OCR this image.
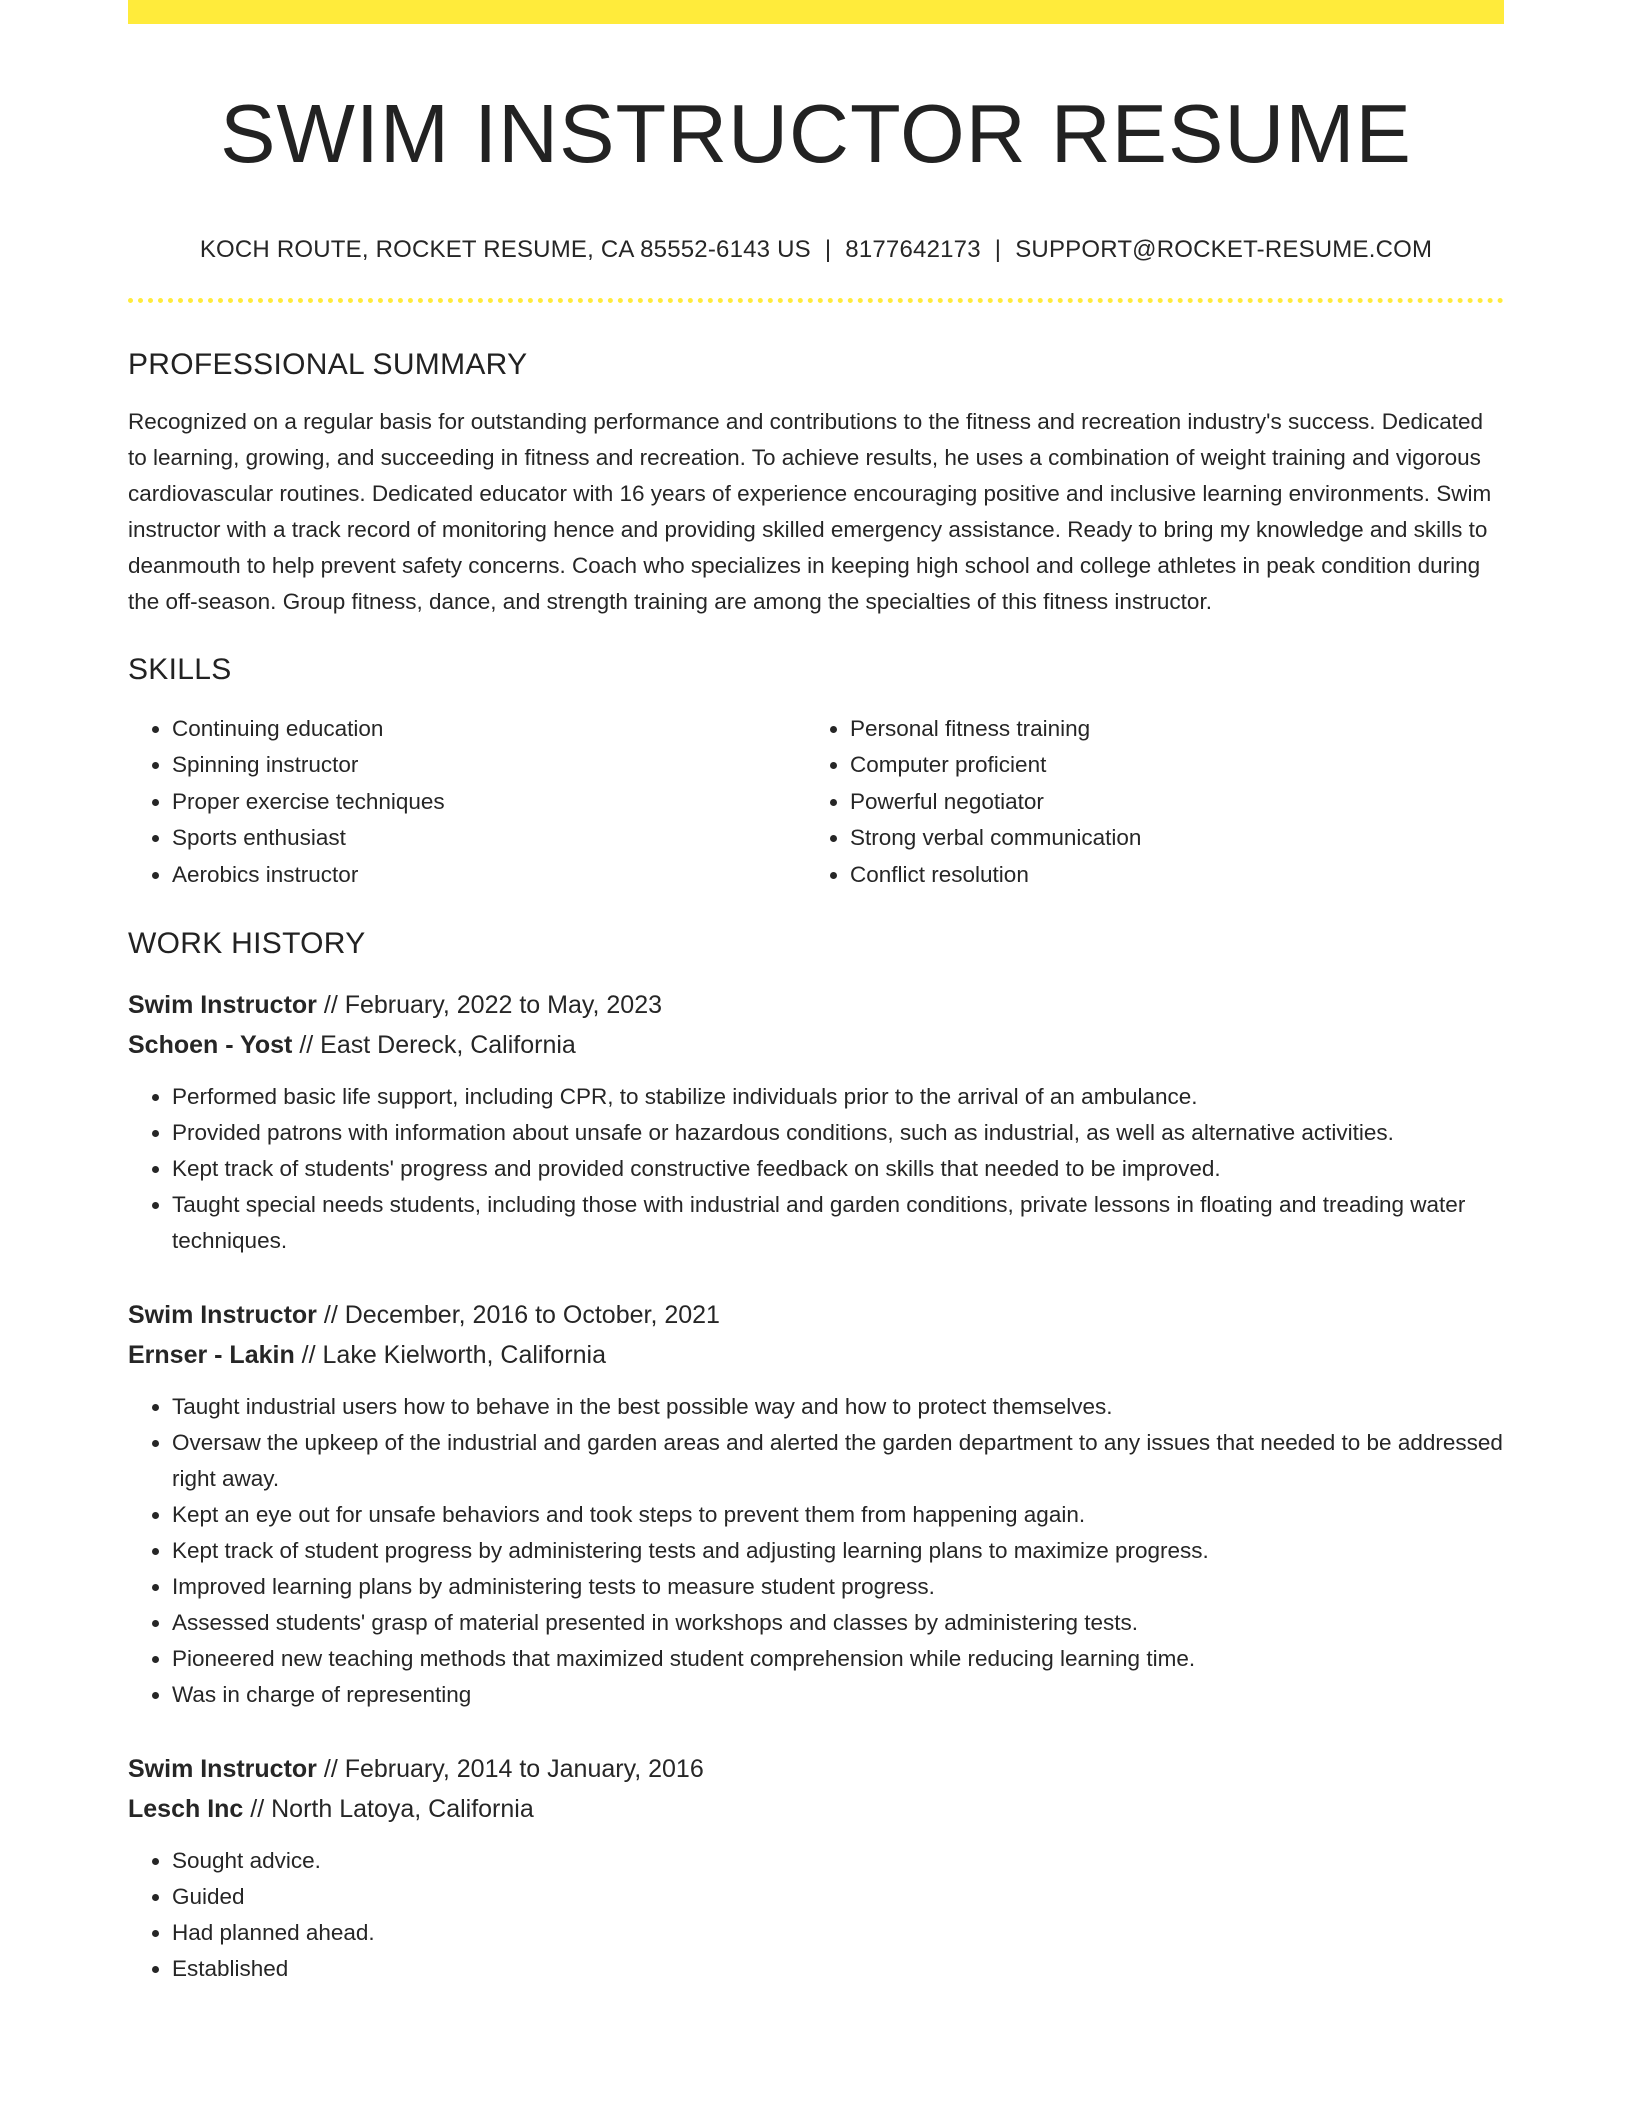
SWIM INSTRUCTOR RESUME
KOCH ROUTE, ROCKET RESUME, CA 85552-6143 US | 8177642173 | SUPPORT@ROCKET-RESUME.COM
PROFESSIONAL SUMMARY
Recognized on a regular basis for outstanding performance and contributions to the fitness and recreation industry's success. Dedicated to learning, growing, and succeeding in fitness and recreation. To achieve results, he uses a combination of weight training and vigorous cardiovascular routines. Dedicated educator with 16 years of experience encouraging positive and inclusive learning environments. Swim instructor with a track record of monitoring hence and providing skilled emergency assistance. Ready to bring my knowledge and skills to deanmouth to help prevent safety concerns. Coach who specializes in keeping high school and college athletes in peak condition during the off-season. Group fitness, dance, and strength training are among the specialties of this fitness instructor.
SKILLS
• Continuing education
• Spinning instructor
• Proper exercise techniques
• Sports enthusiast
• Aerobics instructor
• Personal fitness training
• Computer proficient
• Powerful negotiator
• Strong verbal communication
• Conflict resolution
WORK HISTORY
Swim Instructor // February, 2022 to May, 2023
Schoen - Yost // East Dereck, California
• Performed basic life support, including CPR, to stabilize individuals prior to the arrival of an ambulance.
• Provided patrons with information about unsafe or hazardous conditions, such as industrial, as well as alternative activities.
• Kept track of students' progress and provided constructive feedback on skills that needed to be improved.
• Taught special needs students, including those with industrial and garden conditions, private lessons in floating and treading water techniques.
Swim Instructor // December, 2016 to October, 2021
Ernser - Lakin // Lake Kielworth, California
• Taught industrial users how to behave in the best possible way and how to protect themselves.
• Oversaw the upkeep of the industrial and garden areas and alerted the garden department to any issues that needed to be addressed right away.
• Kept an eye out for unsafe behaviors and took steps to prevent them from happening again.
• Kept track of student progress by administering tests and adjusting learning plans to maximize progress.
• Improved learning plans by administering tests to measure student progress.
• Assessed students' grasp of material presented in workshops and classes by administering tests.
• Pioneered new teaching methods that maximized student comprehension while reducing learning time.
• Was in charge of representing
Swim Instructor // February, 2014 to January, 2016
Lesch Inc // North Latoya, California
• Sought advice.
• Guided
• Had planned ahead.
• Established
